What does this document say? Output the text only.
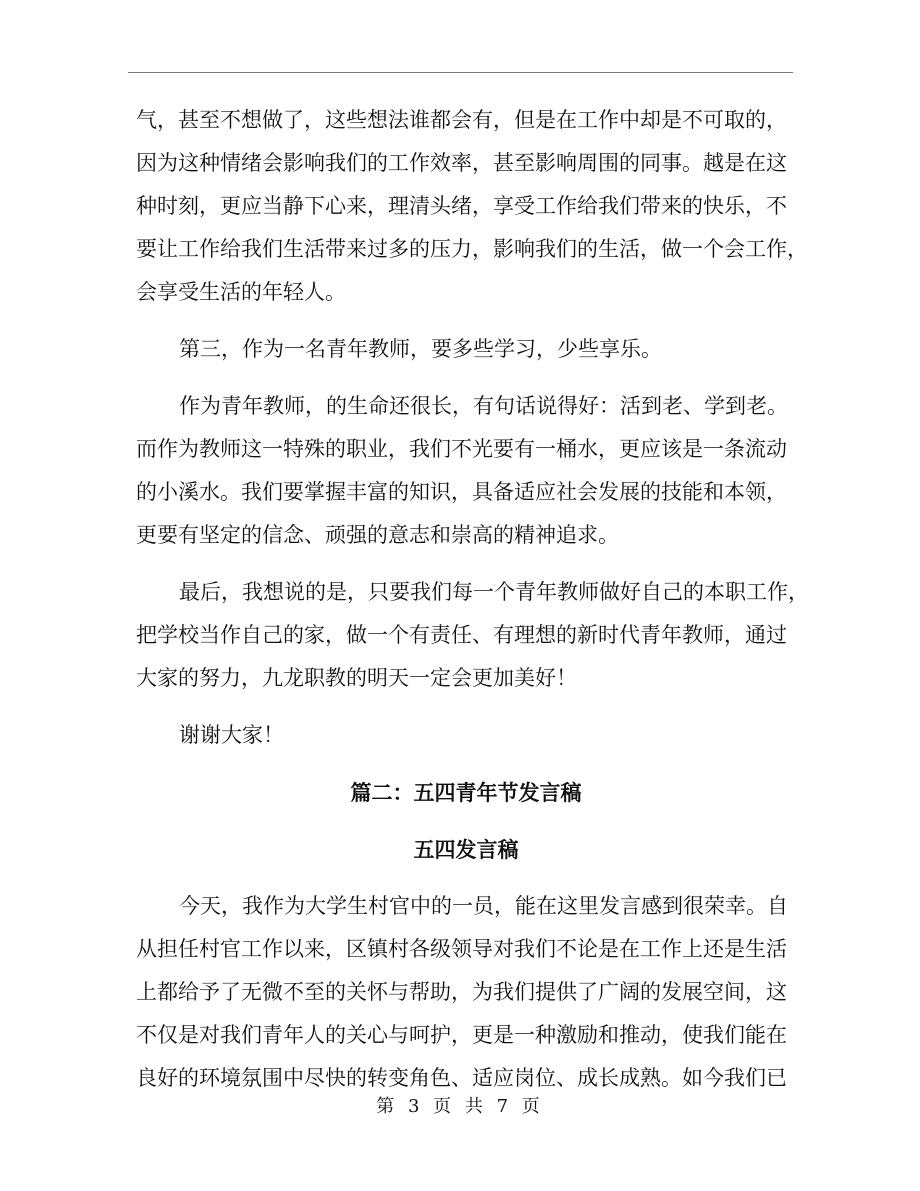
气，甚至不想做了，这些想法谁都会有，但是在工作中却是不可取的，
因为这种情绪会影响我们的工作效率，甚至影响周围的同事。越是在这
种时刻，更应当静下心来，理清头绪，享受工作给我们带来的快乐，不
要让工作给我们生活带来过多的压力，影响我们的生活，做一个会工作，
会享受生活的年轻人。
第三，作为一名青年教师，要多些学习，少些享乐。
作为青年教师，的生命还很长，有句话说得好：活到老、学到老。
而作为教师这一特殊的职业，我们不光要有一桶水，更应该是一条流动
的小溪水。我们要掌握丰富的知识，具备适应社会发展的技能和本领，
更要有坚定的信念、顽强的意志和崇高的精神追求。
最后，我想说的是，只要我们每一个青年教师做好自己的本职工作，
把学校当作自己的家，做一个有责任、有理想的新时代青年教师，通过
大家的努力，九龙职教的明天一定会更加美好！
谢谢大家！
篇二：五四青年节发言稿
五四发言稿
今天，我作为大学生村官中的一员，能在这里发言感到很荣幸。自
从担任村官工作以来，区镇村各级领导对我们不论是在工作上还是生活
上都给予了无微不至的关怀与帮助，为我们提供了广阔的发展空间，这
不仅是对我们青年人的关心与呵护，更是一种激励和推动，使我们能在
良好的环境氛围中尽快的转变角色、适应岗位、成长成熟。如今我们已
第 3 页 共 7 页
